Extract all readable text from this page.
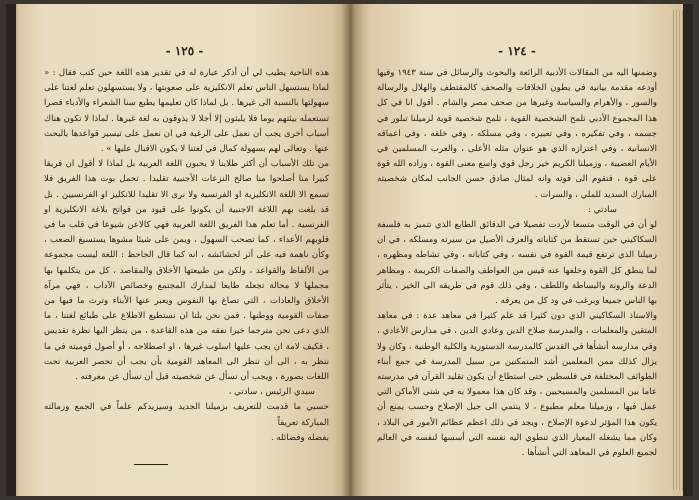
- ١٢٥ -

هذه الناحية يطيب لي أن أذكر عبارة له في تقدير هذه اللغة حين كتب فقال : « لماذا يستسهل الناس تعلم الانكليزية على صعوبتها ، ولا يستسهلون تعلم لغتنا على سهولتها بالنسبة الى غيرها . بل لماذا كان تعليمها يطبع سنا الشعراء والأدباء قصرا تستعمله بيئتهم يوما فلا يلبثون إلا أجلا لا يذوقون به لغة غيرها . لماذا لا تكون هناك أسباب أخرى يجب أن نعمل على الرغبة في ان نعمل على تيسير قواعدها بالبحث عنها . وتعالى لهم بسهولة كمال في لغتنا لا يكون الاقبال عليها » .

من تلك الأسباب أن أكثر طلابنا لا يحبون اللغة العربية بل لماذا لا أقول ان فريقا كبيرا منا أصلحوا منا صالح النزعات الأجنبية تقليدا . تحمل بوت هذا الفريق فلا تسمع الا اللغة الانكليزية او الفرنسية ولا نرى الا تقليدا للانكليز او الفرنسيين . بل قد بلغت بهم اللاغة الاجنبية أن يكونوا على قيود من فواتح بلاغة الانكليزية او الفرنسية . أما تعلم هذا الفريق اللغة العربية فهي كالاعن شيوعا في قلب ما في قلوبهم الأعداء ، كما تصحب السهول ، ويمن على شيئا مشوها يستسيغ الصعب ، وكأن ناهمة فيه على أثر لحشائشه ، انه كما قال الجاحظ : اللغة ليست مجموعة من الألفاظ والقواعد ، ولكن من طبيعتها الأخلاق والمقاصد ، كل من يتكلمها بها مجملها لا محالة تجعله طابعا لمدارك المجتمع وخصائص الآداب ، فهي مرآة الأخلاق والعادات ، التي تصاغ بها النفوس ويعبر عنها الأبناء وترث ما فيها من صفات القومية ووطنها . فمن نحن بلنا ان نستطيع الاطلاع على طبائع لغتنا ، ما الذي دعى نحن مترجما خيرا نفقه من هذه القاعدة ، من ينظر اليها نظرة تقديس ، فكيف لامة ان يجب عليها اسلوب غيرها ، او اصطلاحه ، أو أصول قوميته في ما ننظر به ، الى أن تنظر الى المعاهد القومية بأن يجب أن نحصر العربية تحت اللغات بصورة ، ويجب أن نسأل عن شخصيته قبل أن نسأل عن معرفته .

سيدي الرئيس ، سادتي ،

حسبي ما قدمت للتعريف بزميلنا الجديد وسيزيدكم علماً في الجمع وزمالته المباركة تعريفاً

بفضله وفضائله .

- ١٢٤ -

وضمنها اليه من المقالات الأدبية الرائعة والبحوث والرسائل في سنة ١٩٤٣ وفيها أودعه مقدمة بيانية في يطون الخلافات والصحف كالمقتطف والهلال والرسالة والسور ، والأهرام والسياسة وغيرها من صحف مصر والشام . أقول انا في كل هذا المجموع الأدبي تلمح الشخصية القوية ، تلمح شخصية قوية لزميلنا تبلور في جسمه ، وفي تفكيره ، وفي تعبيره ، وفي مسلكه ، وفي خلقه ، وفي اعماقه الانسانية ، وفي اعتزازه الذي هو عنوان مثله الأعلى ، والعرب المسلمين في الأيام العصيبة ، وزميلنا الكريم خير رجل قوي واسع معنى القوة ، وزاده الله قوة على قوة ، فتقوم الى قوته وانه لمثال صادق حسن الجانب لمكان شخصيته المبارك السديد للملي ، والسرات .

سادتي :

لو أن في الوقت متسعا لأردت تفصيلا في الدقائق الطابع الذي تتميز به فلسفة السكاكيني حين تستقط من كتاباته والعزف الأصيل من سيرته ومسلكه ، في ان زميلنا الذي ترتفع قيمة القوة في نفسه ، وفي كتاباته ، وفي تشاطه ومظهره ، لما ينطق كل القوة وخلفها عنه قيس من العواطف والصفات الكريمة ، ومظاهر الدعة والرونة والبساطة واللطف ، وفي ذلك قوم في طريقه الى الخير ، يتأثر بها الناس جميعا وبرغب في ود كل من يعرفه .

والاستاذ السكاكيني الذي دون كثيرا قد علم كثيرا في معاهد عدة : في معاهد المتقين والمعلمات ، والمدرسة صلاح الدين وعادي الدين ، في مدارس الأعادي ، وفي مدارسه أنشأها في القدس كالمدرسة الدستورية والكلية الوطنية ، وكان ولا يزال كذلك ممن المعلمين أشد المتمكنين من سبيل المدرسة في جمع أبناء الطوائف المختلفة في فلسطين حتى استطاع أن يكون تقليد القرآن في مدرسته عاما بين المسلمين والمسيحيين ، وقد كان هذا معمولا به في شتى الأماكن التي عمل فيها ، وزميلنا معلم مطبوع ، لا ينتمي الى جيل الإصلاح وحسب يمنع أن يكون هذا المؤثر لدعوة الإصلاح ، ويجد في ذلك اعظم عظائم الأمور في البلاد ، وكان مما يشغله المعيار الذي تنطوي اليه نفسه التي أسسها لنفسه في العالم لجميع العلوم في المعاهد التي أنشأها .
